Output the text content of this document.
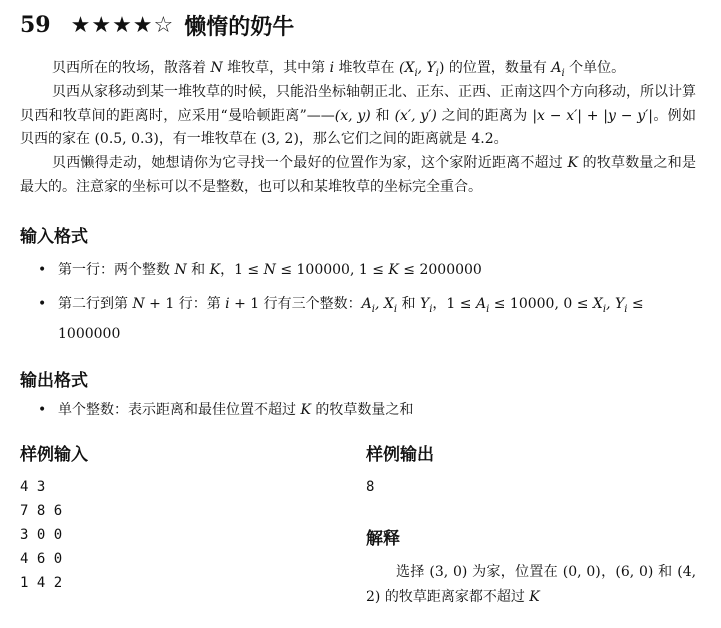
59 ★★★★☆ 懒惰的奶牛
贝西所在的牧场，散落着 N 堆牧草，其中第 i 堆牧草在 ($X_i$, $Y_i$) 的位置，数量有 $A_i$ 个单位。
贝西从家移动到某一堆牧草的时候，只能沿坐标轴朝正北、正东、正西、正南这四个方向移动，所以计算贝西和牧草间的距离时，应采用“曼哈顿距离”——(x, y) 和 (x′, y′) 之间的距离为 |x − x′| + |y − y′|。例如贝西的家在 (0.5, 0.3)，有一堆牧草在 (3, 2)，那么它们之间的距离就是 4.2。
贝西懒得走动，她想请你为它寻找一个最好的位置作为家，这个家附近距离不超过 K 的牧草数量之和是最大的。注意家的坐标可以不是整数，也可以和某堆牧草的坐标完全重合。
输入格式
• 第一行：两个整数 N 和 K，1 ≤ N ≤ 100000, 1 ≤ K ≤ 2000000
• 第二行到第 N + 1 行：第 i + 1 行有三个整数：$A_i$, $X_i$ 和 $Y_i$，$1 \le A_i \le 10000$, $0 \le X_i$, $Y_i \le 1000000$
输出格式
• 单个整数：表示距离和最佳位置不超过 K 的牧草数量之和
样例输入
4 3
7 8 6
3 0 0
4 6 0
1 4 2
样例输出
8
解释
选择 (3, 0) 为家，位置在 (0, 0)，(6, 0) 和 (4, 2) 的牧草距离家都不超过 K
